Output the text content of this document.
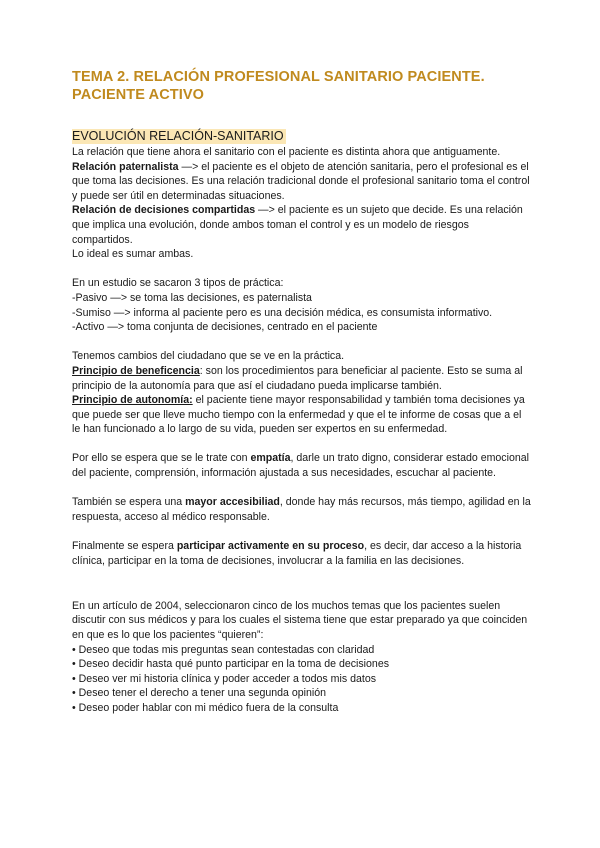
TEMA 2. RELACIÓN PROFESIONAL SANITARIO PACIENTE. PACIENTE ACTIVO
EVOLUCIÓN RELACIÓN-SANITARIO

La relación que tiene ahora el sanitario con el paciente es distinta ahora que antiguamente.

Relación paternalista —> el paciente es el objeto de atención sanitaria, pero el profesional es el que toma las decisiones. Es una relación tradicional donde el profesional sanitario toma el control y puede ser útil en determinadas situaciones.

Relación de decisiones compartidas —> el paciente es un sujeto que decide. Es una relación que implica una evolución, donde ambos toman el control y es un modelo de riesgos compartidos.

Lo ideal es sumar ambas.

En un estudio se sacaron 3 tipos de práctica:

-Pasivo —> se toma las decisiones, es paternalista

-Sumiso —> informa al paciente pero es una decisión médica, es consumista informativo.

-Activo —> toma conjunta de decisiones, centrado en el paciente

Tenemos cambios del ciudadano que se ve en la práctica.

Principio de beneficencia: son los procedimientos para beneficiar al paciente. Esto se suma al principio de la autonomía para que así el ciudadano pueda implicarse también.

Principio de autonomía: el paciente tiene mayor responsabilidad y también toma decisiones ya que puede ser que lleve mucho tiempo con la enfermedad y que el te informe de cosas que a el le han funcionado a lo largo de su vida, pueden ser expertos en su enfermedad.

Por ello se espera que se le trate con empatía, darle un trato digno, considerar estado emocional del paciente, comprensión, información ajustada a sus necesidades, escuchar al paciente.

También se espera una mayor accesibiliad, donde hay más recursos, más tiempo, agilidad en la respuesta, acceso al médico responsable.

Finalmente se espera participar activamente en su proceso, es decir, dar acceso a la historia clínica, participar en la toma de decisiones, involucrar a la familia en las decisiones.

En un artículo de 2004, seleccionaron cinco de los muchos temas que los pacientes suelen discutir con sus médicos y para los cuales el sistema tiene que estar preparado ya que coinciden en que es lo que los pacientes “quieren”:

• Deseo que todas mis preguntas sean contestadas con claridad
• Deseo decidir hasta qué punto participar en la toma de decisiones
• Deseo ver mi historia clínica y poder acceder a todos mis datos
• Deseo tener el derecho a tener una segunda opinión
• Deseo poder hablar con mi médico fuera de la consulta
